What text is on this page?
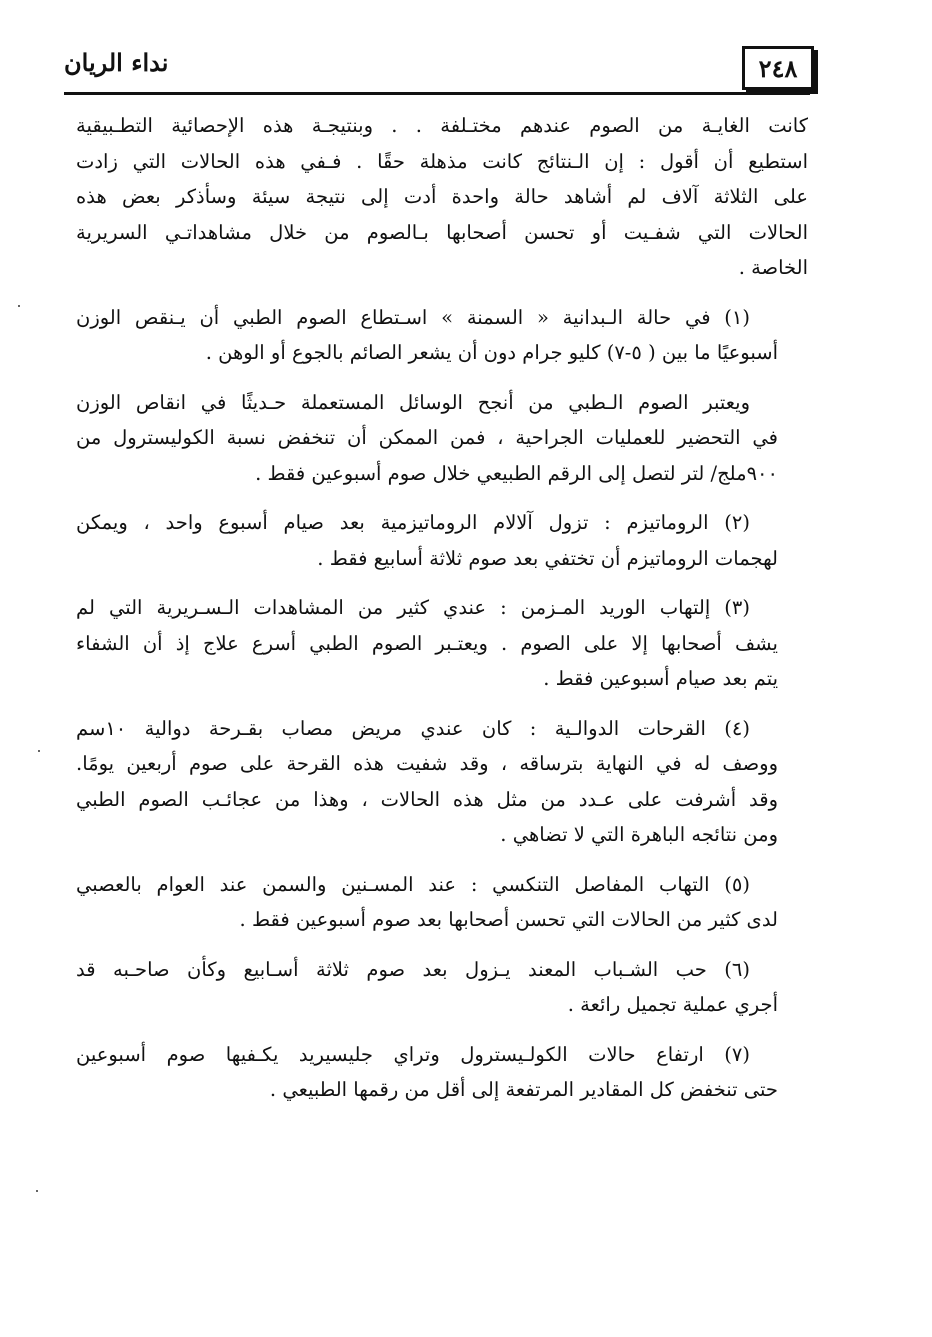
٢٤٨
نداء الريان
كانت الغايـة من الصوم عندهم مختـلفة . . وبنتيجـة هذه الإحصائية التطـبيقية
استطيع أن أقول : إن الـنتائج كانت مذهلة حقًا . فـفي هذه الحالات التي زادت
على الثلاثة آلاف لم أشاهد حالة واحدة أدت إلى نتيجة سيئة وسأذكر بعض هذه
الحالات التي شفـيت أو تحسن أصحابها بـالصوم من خلال مشاهداتـي السريرية
الخاصة .
(١) في حالة الـبدانية « السمنة » اسـتطاع الصوم الطبي أن يـنقص الوزن
أسبوعيًا ما بين ( ٥-٧) كليو جرام دون أن يشعر الصائم بالجوع أو الوهن .
ويعتبر الصوم الـطبي من أنجح الوسائل المستعملة حـديثًا في انقاص الوزن
في التحضير للعمليات الجراحية ، فمن الممكن أن تنخفض نسبة الكوليسترول من
٩٠٠ملج/ لتر لتصل إلى الرقم الطبيعي خلال صوم أسبوعين فقط .
(٢) الروماتيزم : تزول آلالام الروماتيزمية بعد صيام أسبوع واحد ، ويمكن
لهجمات الروماتيزم أن تختفي بعد صوم ثلاثة أسابيع فقط .
(٣) إلتهاب الوريد المـزمن : عندي كثير من المشاهدات الـسـريرية التي لم
يشف أصحابها إلا على الصوم . ويعتـبر الصوم الطبي أسرع علاج إذ أن الشفاء
يتم بعد صيام أسبوعين فقط .
(٤) القرحات الدوالـية : كان عندي مريض مصاب بقـرحة دوالية ١٠سم
ووصف له في النهاية بترساقه ، وقد شفيت هذه القرحة على صوم أربعين يومًا.
وقد أشرفت على عـدد من مثل هذه الحالات ، وهذا من عجائـب الصوم الطبي
ومن نتائجه الباهرة التي لا تضاهي .
(٥) التهاب المفاصل التنكسي : عند المسـنين والسمن عند العوام بالعصبي
لدى كثير من الحالات التي تحسن أصحابها بعد صوم أسبوعين فقط .
(٦) حب الشـباب المعند يـزول بعد صوم ثلاثة أسـابيع وكأن صاحـبه قد
أجري عملية تجميل رائعة .
(٧) ارتفاع حالات الكولـيسترول وتراي جليسيريد يكـفيها صوم أسبوعين
حتى تنخفض كل المقادير المرتفعة إلى أقل من رقمها الطبيعي .
